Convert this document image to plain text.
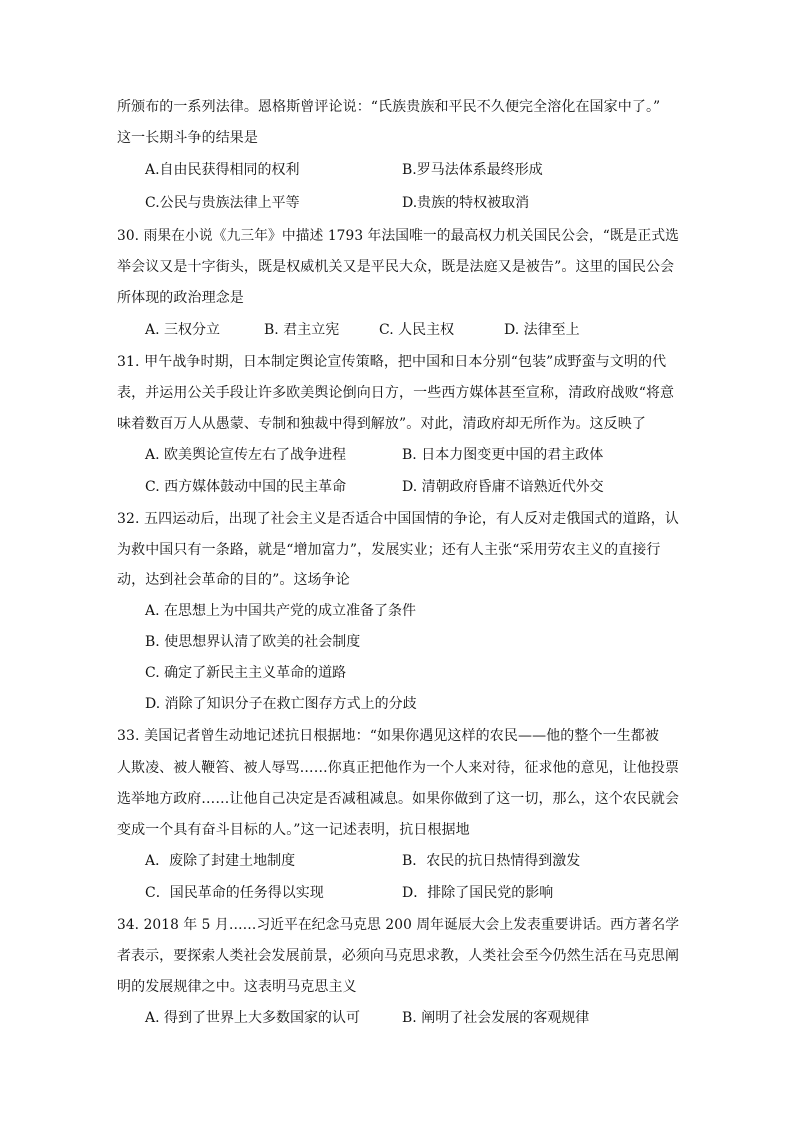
所颁布的一系列法律。恩格斯曾评论说：“氏族贵族和平民不久便完全溶化在国家中了。”
这一长期斗争的结果是
A.自由民获得相同的权利	B.罗马法体系最终形成
C.公民与贵族法律上平等	D.贵族的特权被取消
30. 雨果在小说《九三年》中描述 1793 年法国唯一的最高权力机关国民公会，“既是正式选
举会议又是十字街头，既是权威机关又是平民大众，既是法庭又是被告”。这里的国民公会
所体现的政治理念是
A. 三权分立	B. 君主立宪	C. 人民主权	D. 法律至上
31. 甲午战争时期，日本制定舆论宣传策略，把中国和日本分别“包装”成野蛮与文明的代
表，并运用公关手段让许多欧美舆论倒向日方，一些西方媒体甚至宣称，清政府战败“将意
味着数百万人从愚蒙、专制和独裁中得到解放”。对此，清政府却无所作为。这反映了
A. 欧美舆论宣传左右了战争进程	B. 日本力图变更中国的君主政体
C. 西方媒体鼓动中国的民主革命	D. 清朝政府昏庸不谙熟近代外交
32. 五四运动后，出现了社会主义是否适合中国国情的争论，有人反对走俄国式的道路，认
为救中国只有一条路，就是“增加富力”，发展实业；还有人主张“采用劳农主义的直接行
动，达到社会革命的目的”。这场争论
A. 在思想上为中国共产党的成立准备了条件
B. 使思想界认清了欧美的社会制度
C. 确定了新民主主义革命的道路
D. 消除了知识分子在救亡图存方式上的分歧
33. 美国记者曾生动地记述抗日根据地：“如果你遇见这样的农民——他的整个一生都被
人欺凌、被人鞭笞、被人辱骂……你真正把他作为一个人来对待，征求他的意见，让他投票
选举地方政府……让他自己决定是否减租减息。如果你做到了这一切，那么，这个农民就会
变成一个具有奋斗目标的人。”这一记述表明，抗日根据地
A．废除了封建土地制度	B．农民的抗日热情得到激发
C．国民革命的任务得以实现	D．排除了国民党的影响
34. 2018 年 5 月……习近平在纪念马克思 200 周年诞辰大会上发表重要讲话。西方著名学
者表示，要探索人类社会发展前景，必须向马克思求教，人类社会至今仍然生活在马克思阐
明的发展规律之中。这表明马克思主义
A. 得到了世界上大多数国家的认可	B. 阐明了社会发展的客观规律
